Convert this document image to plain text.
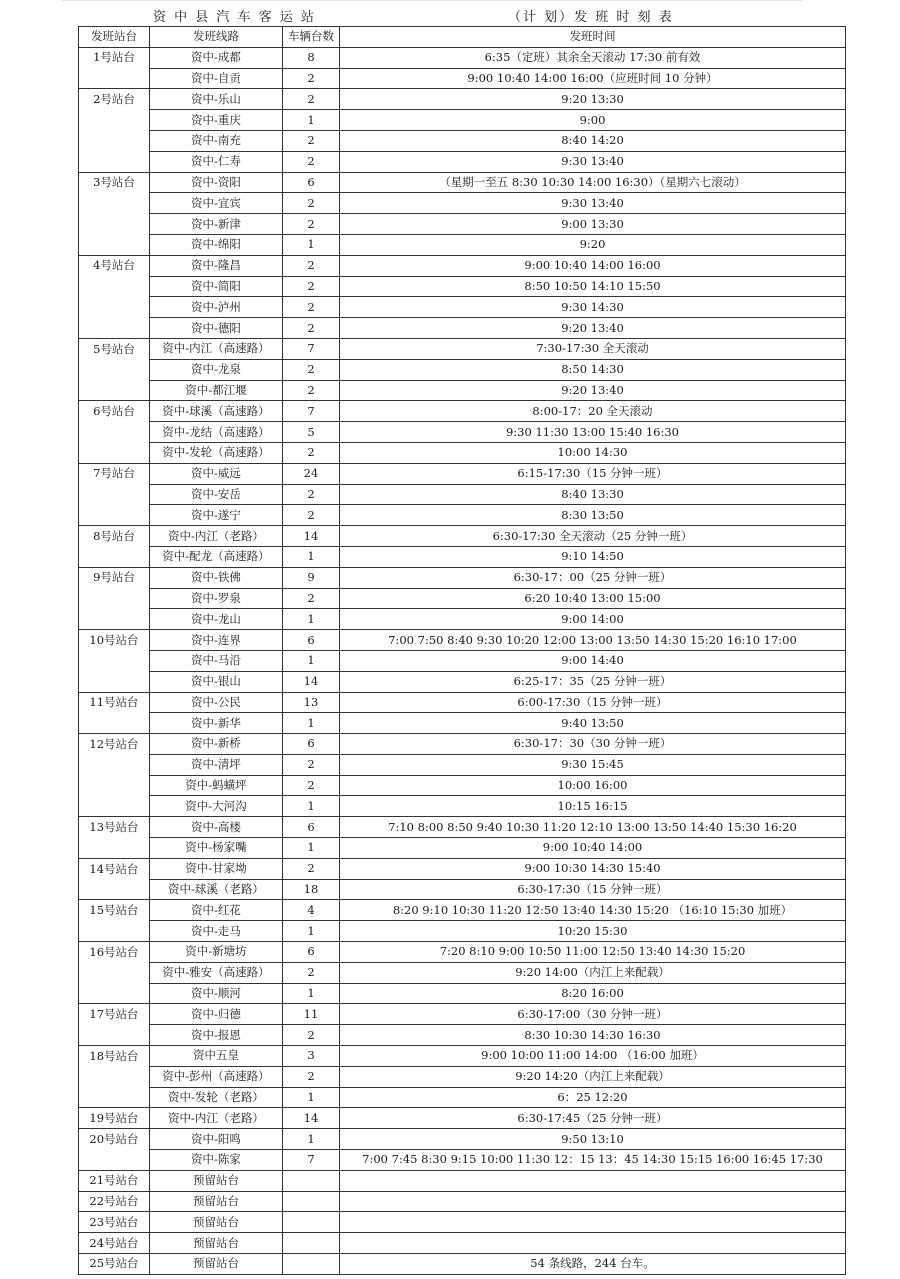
资 中 县 汽 车 客 运 站	（计 划）发 班 时 刻 表
发班站台	发班线路	车辆台数	发班时间
1号站台	资中-成都	8	6:35（定班）其余全天滚动 17:30 前有效
	资中-自贡	2	9:00 10:40 14:00 16:00（应班时间 10 分钟）
2号站台	资中-乐山	2	9:20 13:30
	资中-重庆	1	9:00
	资中-南充	2	8:40 14:20
	资中-仁寿	2	9:30 13:40
3号站台	资中-资阳	6	（星期一至五 8:30 10:30 14:00 16:30）（星期六七滚动）
	资中-宜宾	2	9:30 13:40
	资中-新津	2	9:00 13:30
	资中-绵阳	1	9:20
4号站台	资中-隆昌	2	9:00 10:40 14:00 16:00
	资中-简阳	2	8:50 10:50 14:10 15:50
	资中-泸州	2	9:30 14:30
	资中-德阳	2	9:20 13:40
5号站台	资中-内江（高速路）	7	7:30-17:30 全天滚动
	资中-龙泉	2	8:50 14:30
	资中-都江堰	2	9:20 13:40
6号站台	资中-球溪（高速路）	7	8:00-17：20 全天滚动
	资中-龙结（高速路）	5	9:30 11:30 13:00 15:40 16:30
	资中-发轮（高速路）	2	10:00 14:30
7号站台	资中-威远	24	6:15-17:30（15 分钟一班）
	资中-安岳	2	8:40 13:30
	资中-遂宁	2	8:30 13:50
8号站台	资中-内江（老路）	14	6:30-17:30 全天滚动（25 分钟一班）
	资中-配龙（高速路）	1	9:10 14:50
9号站台	资中-铁佛	9	6:30-17：00（25 分钟一班）
	资中-罗泉	2	6:20 10:40 13:00 15:00
	资中-龙山	1	9:00 14:00
10号站台	资中-连界	6	7:00 7:50 8:40 9:30 10:20 12:00 13:00 13:50 14:30 15:20 16:10 17:00
	资中-马沿	1	9:00 14:40
	资中-银山	14	6:25-17：35（25 分钟一班）
11号站台	资中-公民	13	6:00-17:30（15 分钟一班）
	资中-新华	1	9:40 13:50
12号站台	资中-新桥	6	6:30-17：30（30 分钟一班）
	资中-清坪	2	9:30 15:45
	资中-蚂蟥坪	2	10:00 16:00
	资中-大河沟	1	10:15 16:15
13号站台	资中-高楼	6	7:10 8:00 8:50 9:40 10:30 11:20 12:10 13:00 13:50 14:40 15:30 16:20
	资中-杨家嘴	1	9:00 10:40 14:00
14号站台	资中-甘家坳	2	9:00 10:30 14:30 15:40
	资中-球溪（老路）	18	6:30-17:30（15 分钟一班）
15号站台	资中-红花	4	8:20 9:10 10:30 11:20 12:50 13:40 14:30 15:20 （16:10 15:30 加班）
	资中-走马	1	10:20 15:30
16号站台	资中-新塘坊	6	7:20 8:10 9:00 10:50 11:00 12:50 13:40 14:30 15:20
	资中-雅安（高速路）	2	9:20 14:00（内江上来配载）
	资中-顺河	1	8:20 16:00
17号站台	资中-归德	11	6:30-17:00（30 分钟一班）
	资中-报恩	2	8:30 10:30 14:30 16:30
18号站台	资中五皇	3	9:00 10:00 11:00 14:00 （16:00 加班）
	资中-彭州（高速路）	2	9:20 14:20（内江上来配载）
	资中-发轮（老路）	1	6：25 12:20
19号站台	资中-内江（老路）	14	6:30-17:45（25 分钟一班）
20号站台	资中-阳鸣	1	9:50 13:10
	资中-陈家	7	7:00 7:45 8:30 9:15 10:00 11:30 12：15 13：45 14:30 15:15 16:00 16:45 17:30
21号站台	预留站台		
22号站台	预留站台		
23号站台	预留站台		
24号站台	预留站台		
25号站台	预留站台		54 条线路，244 台车。
